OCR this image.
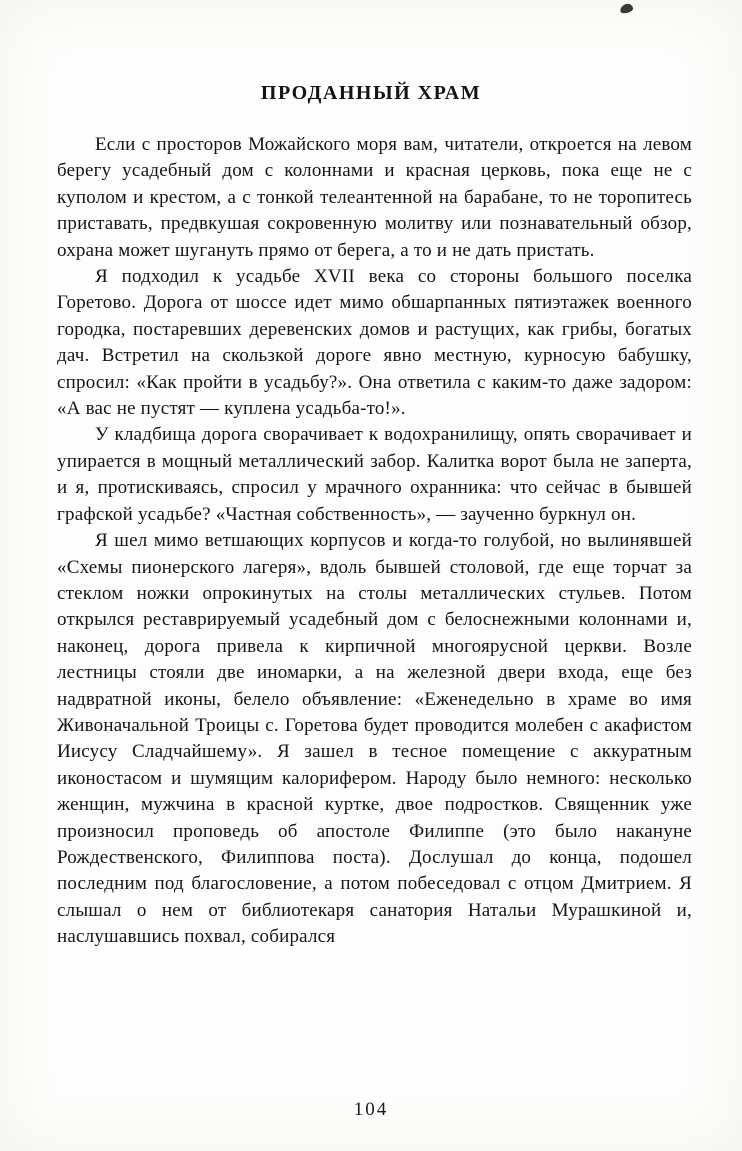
ПРОДАННЫЙ ХРАМ

Если с просторов Можайского моря вам, читатели, откроется на левом берегу усадебный дом с колоннами и красная церковь, пока еще не с куполом и крестом, а с тонкой телеантенной на барабане, то не торопитесь приставать, предвкушая сокровенную молитву или познавательный обзор, охрана может шугануть прямо от берега, а то и не дать пристать.

Я подходил к усадьбе XVII века со стороны большого поселка Горетово. Дорога от шоссе идет мимо обшарпанных пятиэтажек военного городка, постаревших деревенских домов и растущих, как грибы, богатых дач. Встретил на скользкой дороге явно местную, курносую бабушку, спросил: «Как пройти в усадьбу?». Она ответила с каким-то даже задором: «А вас не пустят — куплена усадьба-то!».

У кладбища дорога сворачивает к водохранилищу, опять сворачивает и упирается в мощный металлический забор. Калитка ворот была не заперта, и я, протискиваясь, спросил у мрачного охранника: что сейчас в бывшей графской усадьбе? «Частная собственность», — заученно буркнул он.

Я шел мимо ветшающих корпусов и когда-то голубой, но вылинявшей «Схемы пионерского лагеря», вдоль бывшей столовой, где еще торчат за стеклом ножки опрокинутых на столы металлических стульев. Потом открылся реставрируемый усадебный дом с белоснежными колоннами и, наконец, дорога привела к кирпичной многоярусной церкви. Возле лестницы стояли две иномарки, а на железной двери входа, еще без надвратной иконы, белело объявление: «Еженедельно в храме во имя Живоначальной Троицы с. Горетова будет проводится молебен с акафистом Иисусу Сладчайшему». Я зашел в тесное помещение с аккуратным иконостасом и шумящим калорифером. Народу было немного: несколько женщин, мужчина в красной куртке, двое подростков. Священник уже произносил проповедь об апостоле Филиппе (это было накануне Рождественского, Филиппова поста). Дослушал до конца, подошел последним под благословение, а потом побеседовал с отцом Дмитрием. Я слышал о нем от библиотекаря санатория Натальи Мурашкиной и, наслушавшись похвал, собирался

104
